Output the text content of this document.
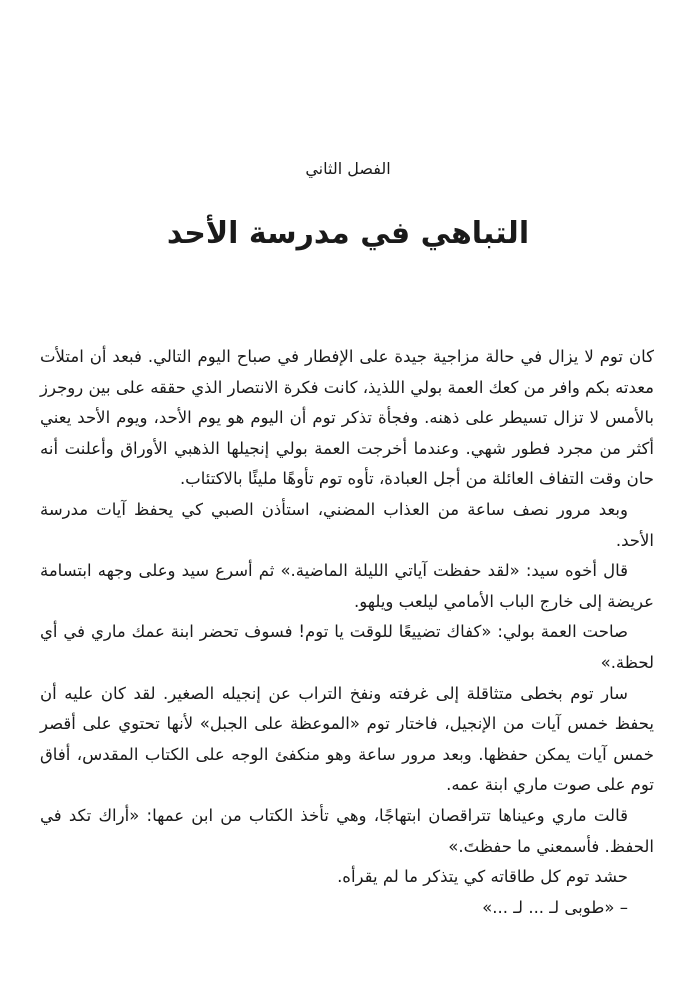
الفصل الثاني
التباهي في مدرسة الأحد

كان توم لا يزال في حالة مزاجية جيدة على الإفطار في صباح اليوم التالي. فبعد أن امتلأت معدته بكم وافر من كعك العمة بولي اللذيذ، كانت فكرة الانتصار الذي حققه على بين روجرز بالأمس لا تزال تسيطر على ذهنه. وفجأة تذكر توم أن اليوم هو يوم الأحد، ويوم الأحد يعني أكثر من مجرد فطور شهي. وعندما أخرجت العمة بولي إنجيلها الذهبي الأوراق وأعلنت أنه حان وقت التفاف العائلة من أجل العبادة، تأوه توم تأوهًا مليئًا بالاكتئاب.

وبعد مرور نصف ساعة من العذاب المضني، استأذن الصبي كي يحفظ آيات مدرسة الأحد.

قال أخوه سيد: «لقد حفظت آياتي الليلة الماضية.» ثم أسرع سيد وعلى وجهه ابتسامة عريضة إلى خارج الباب الأمامي ليلعب ويلهو.

صاحت العمة بولي: «كفاك تضييعًا للوقت يا توم! فسوف تحضر ابنة عمك ماري في أي لحظة.»

سار توم بخطى متثاقلة إلى غرفته ونفخ التراب عن إنجيله الصغير. لقد كان عليه أن يحفظ خمس آيات من الإنجيل، فاختار توم «الموعظة على الجبل» لأنها تحتوي على أقصر خمس آيات يمكن حفظها. وبعد مرور ساعة وهو منكفئ الوجه على الكتاب المقدس، أفاق توم على صوت ماري ابنة عمه.

قالت ماري وعيناها تتراقصان ابتهاجًا، وهي تأخذ الكتاب من ابن عمها: «أراك تكد في الحفظ. فأسمعني ما حفظتَ.»

حشد توم كل طاقاته كي يتذكر ما لم يقرأه.

– «طوبى لـ ... لـ ...»
